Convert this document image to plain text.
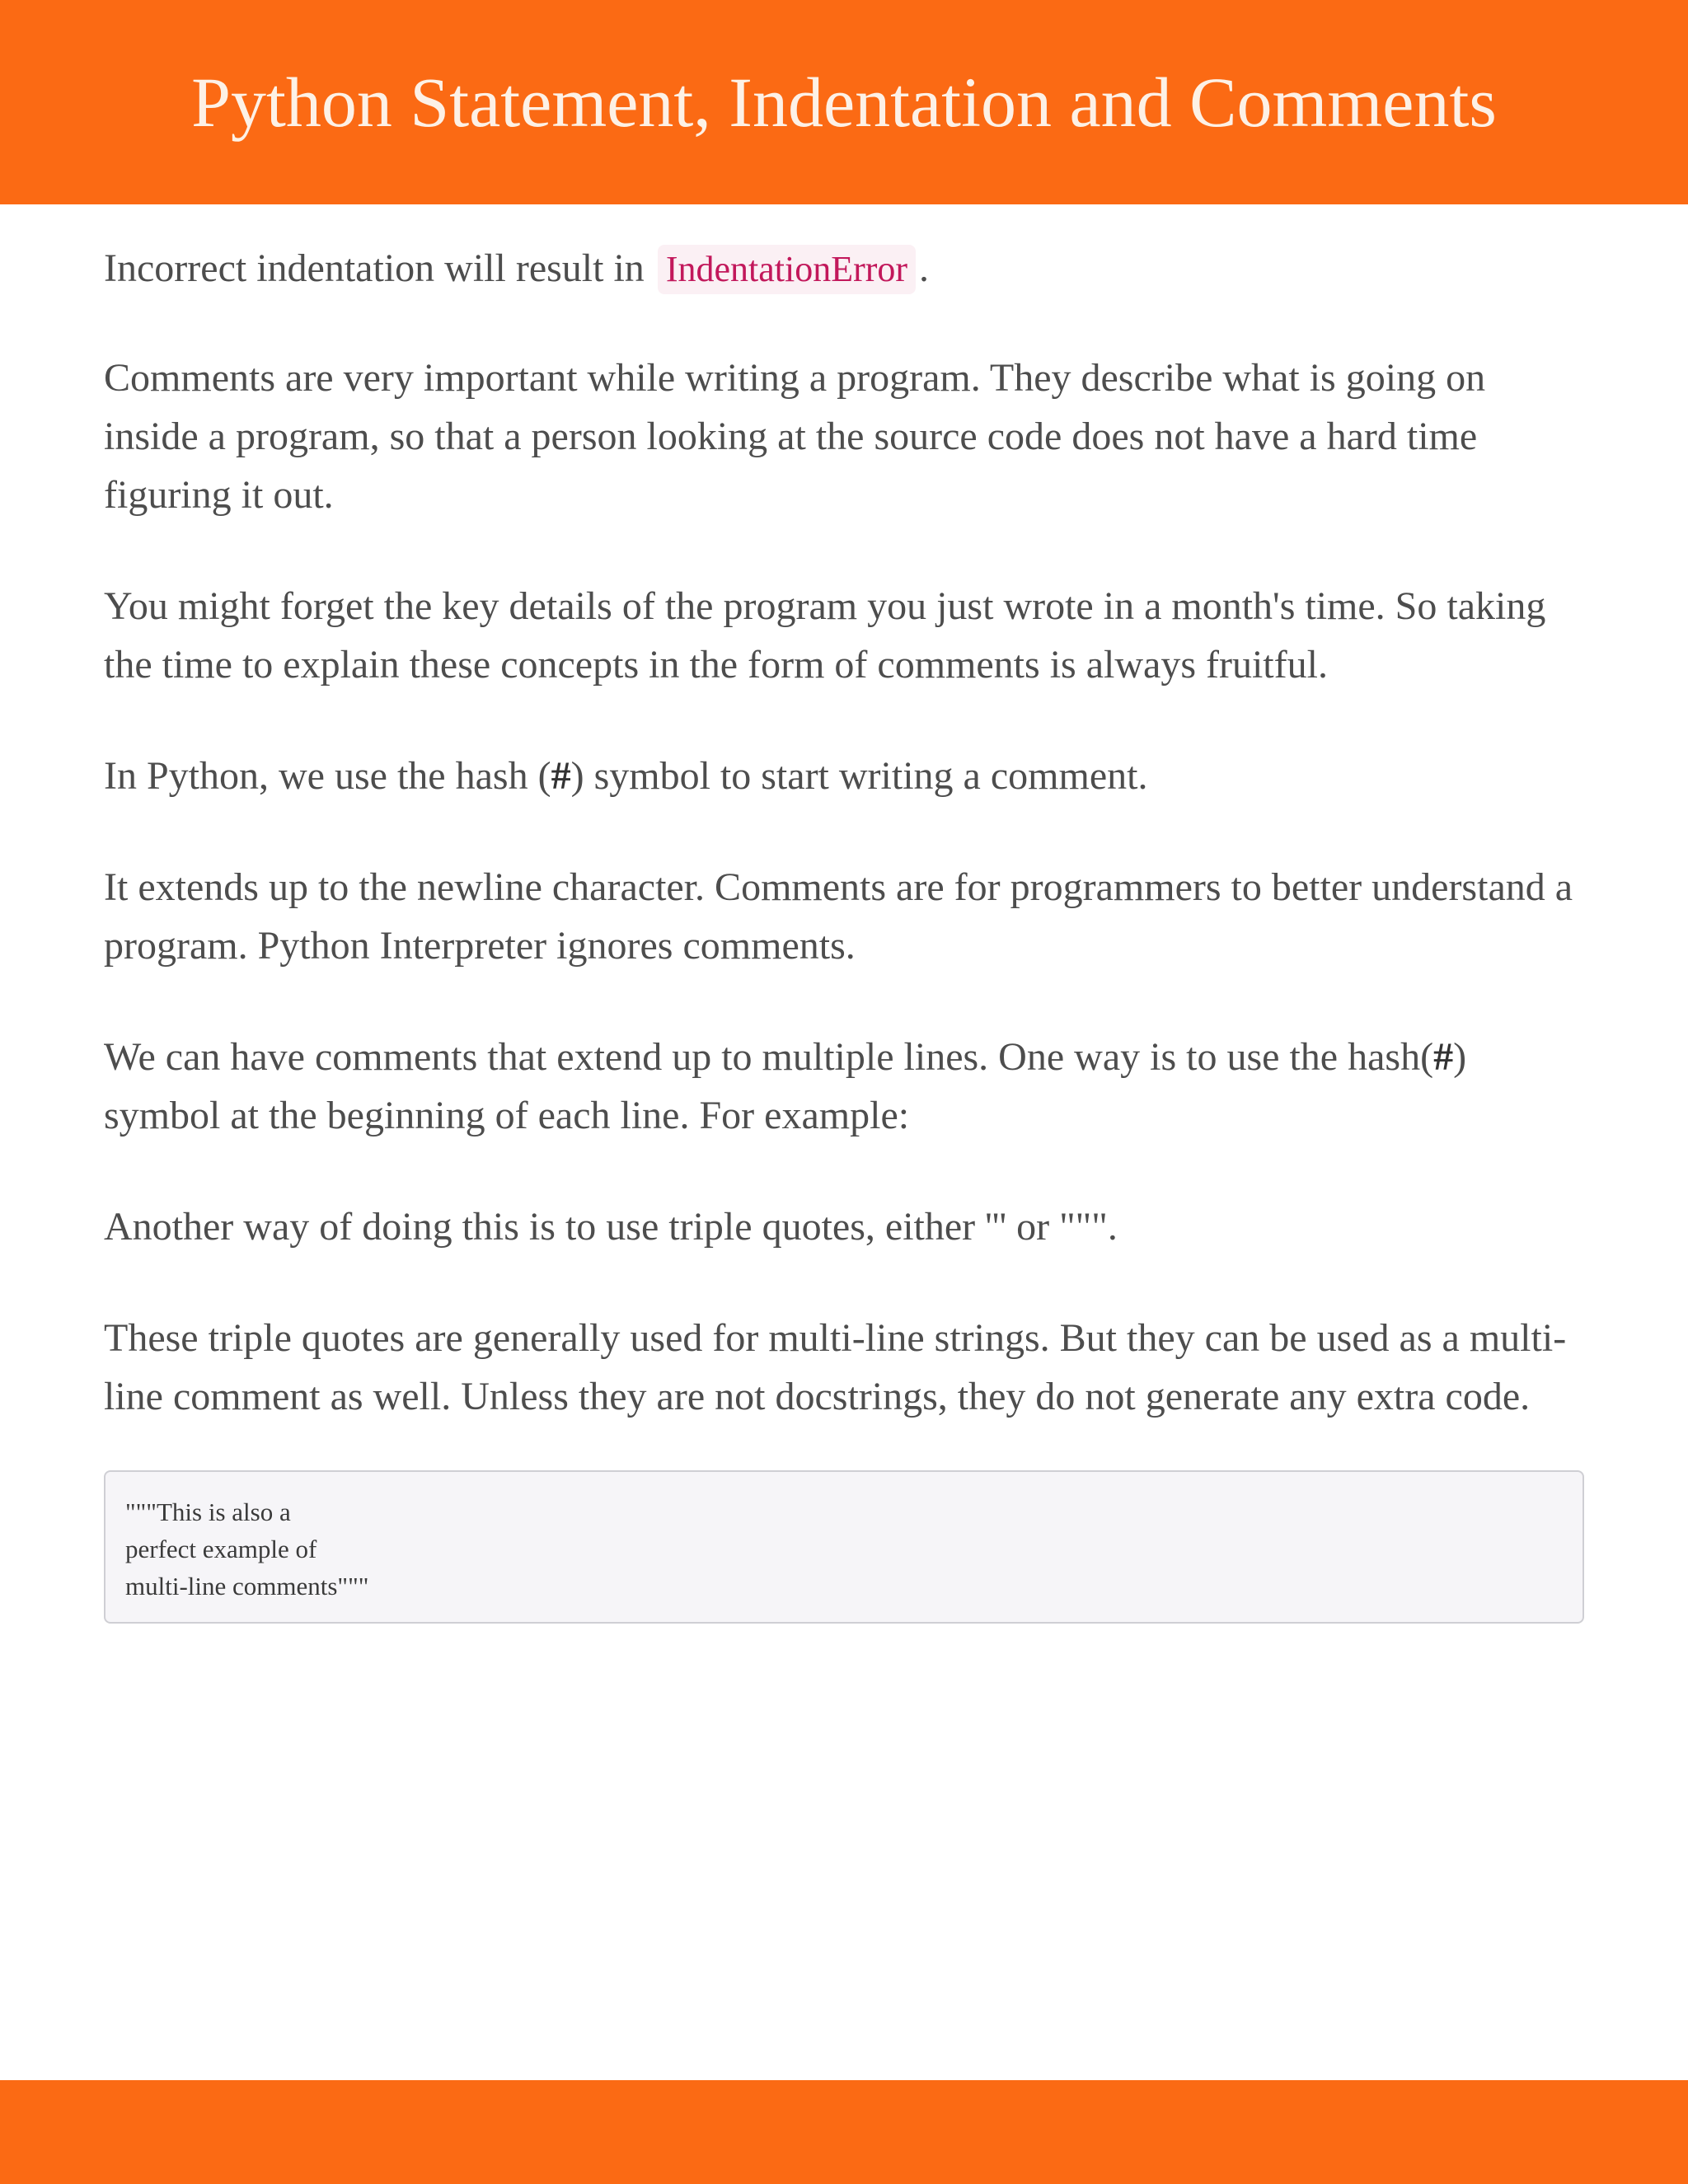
Python Statement, Indentation and Comments

Incorrect indentation will result in IndentationError .

Comments are very important while writing a program. They describe what is going on inside a program, so that a person looking at the source code does not have a hard time figuring it out.

You might forget the key details of the program you just wrote in a month's time. So taking the time to explain these concepts in the form of comments is always fruitful.

In Python, we use the hash (#) symbol to start writing a comment.

It extends up to the newline character. Comments are for programmers to better understand a program. Python Interpreter ignores comments.

We can have comments that extend up to multiple lines. One way is to use the hash(#) symbol at the beginning of each line. For example:

Another way of doing this is to use triple quotes, either ''' or """.

These triple quotes are generally used for multi-line strings. But they can be used as a multi-line comment as well. Unless they are not docstrings, they do not generate any extra code.

"""This is also a
perfect example of
multi-line comments"""
